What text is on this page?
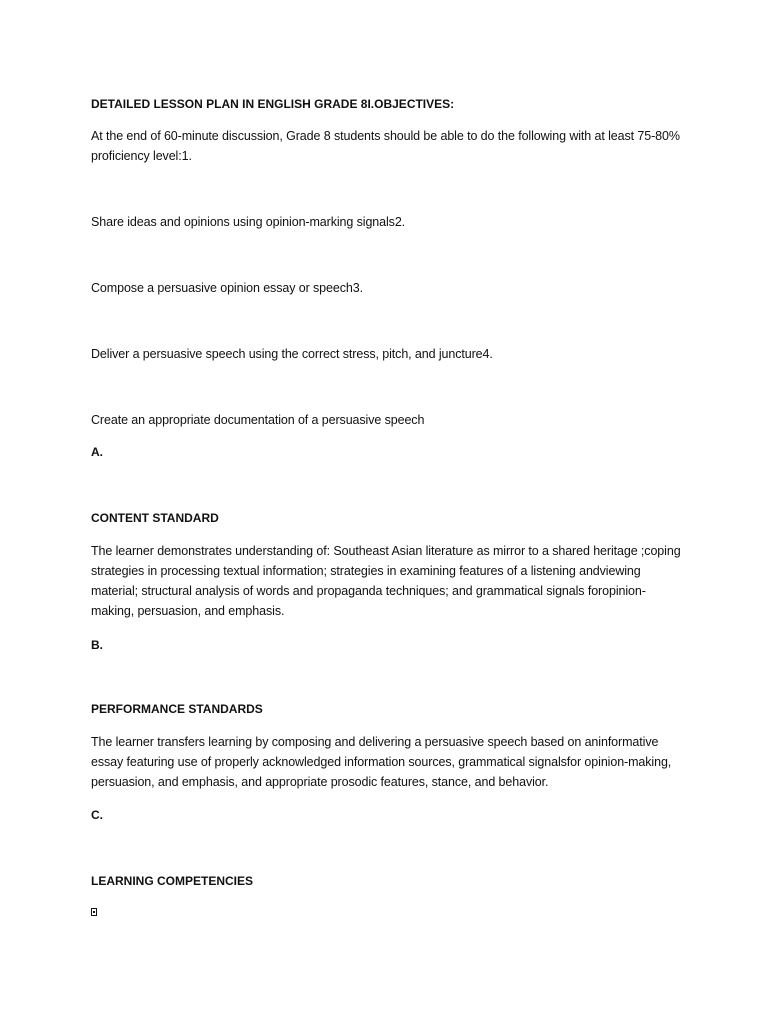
DETAILED LESSON PLAN IN ENGLISH GRADE 8I.OBJECTIVES:
At the end of 60-minute discussion, Grade 8 students should be able to do the following with at least 75-80% proficiency level:1.
Share ideas and opinions using opinion-marking signals2.
Compose a persuasive opinion essay or speech3.
Deliver a persuasive speech using the correct stress, pitch, and juncture4.
Create an appropriate documentation of a persuasive speech
A.
CONTENT STANDARD
The learner demonstrates understanding of: Southeast Asian literature as mirror to a shared heritage ;coping strategies in processing textual information; strategies in examining features of a listening andviewing material; structural analysis of words and propaganda techniques; and grammatical signals foropinion- making, persuasion, and emphasis.
B.
PERFORMANCE STANDARDS
The learner transfers learning by composing and delivering a persuasive speech based on aninformative essay featuring use of properly acknowledged information sources, grammatical signalsfor opinion-making, persuasion, and emphasis, and appropriate prosodic features, stance, and behavior.
C.
LEARNING COMPETENCIES
